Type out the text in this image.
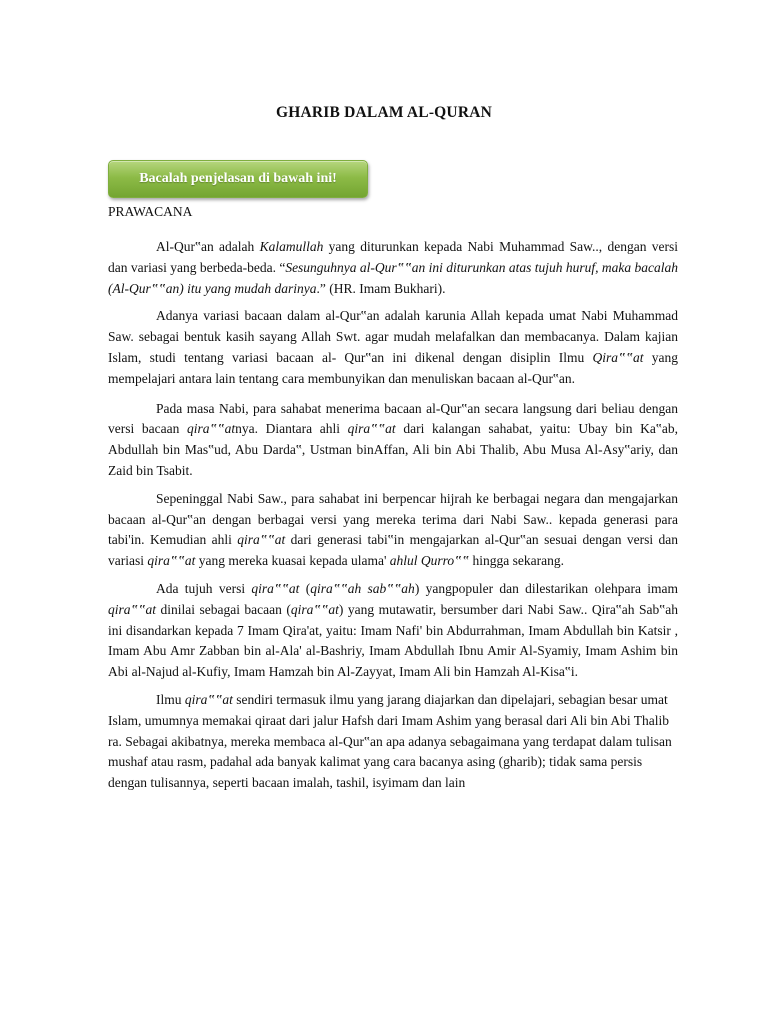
GHARIB DALAM AL-QURAN
Bacalah penjelasan di bawah ini!
PRAWACANA

Al-Qur‟an adalah Kalamullah yang diturunkan kepada Nabi Muhammad Saw.., dengan versi dan variasi yang berbeda-beda. “Sesunguhnya al-Qur‟‟an ini diturunkan atas tujuh huruf, maka bacalah (Al-Qur‟‟an) itu yang mudah darinya.” (HR. Imam Bukhari).

Adanya variasi bacaan dalam al-Qur‟an adalah karunia Allah kepada umat Nabi Muhammad Saw. sebagai bentuk kasih sayang Allah Swt. agar mudah melafalkan dan membacanya. Dalam kajian Islam, studi tentang variasi bacaan al- Qur‟an ini dikenal dengan disiplin Ilmu Qira‟‟at yang mempelajari antara lain tentang cara membunyikan dan menuliskan bacaan al-Qur‟an.

Pada masa Nabi, para sahabat menerima bacaan al-Qur‟an secara langsung dari beliau dengan versi bacaan qira‟‟atnya. Diantara ahli qira‟‟at dari kalangan sahabat, yaitu: Ubay bin Ka‟ab, Abdullah bin Mas‟ud, Abu Darda‟, Ustman binAffan, Ali bin Abi Thalib, Abu Musa Al-Asy‟ariy, dan Zaid bin Tsabit.

Sepeninggal Nabi Saw., para sahabat ini berpencar hijrah ke berbagai negara dan mengajarkan bacaan al-Qur‟an dengan berbagai versi yang mereka terima dari Nabi Saw.. kepada generasi para tabi'in. Kemudian ahli qira‟‟at dari generasi tabi‟in mengajarkan al-Qur‟an sesuai dengan versi dan variasi qira‟‟at yang mereka kuasai kepada ulama' ahlul Qurro‟‟ hingga sekarang.

Ada tujuh versi qira‟‟at (qira‟‟ah sab‟‟ah) yangpopuler dan dilestarikan olehpara imam qira‟‟at dinilai sebagai bacaan (qira‟‟at) yang mutawatir, bersumber dari Nabi Saw.. Qira‟ah Sab‟ah ini disandarkan kepada 7 Imam Qira'at, yaitu: Imam Nafi' bin Abdurrahman, Imam Abdullah bin Katsir , Imam Abu Amr Zabban bin al-Ala' al-Bashriy, Imam Abdullah Ibnu Amir Al-Syamiy, Imam Ashim bin Abi al-Najud al-Kufiy, Imam Hamzah bin Al-Zayyat, Imam Ali bin Hamzah Al-Kisa‟i.

Ilmu qira‟‟at sendiri termasuk ilmu yang jarang diajarkan dan dipelajari, sebagian besar umat Islam, umumnya memakai qiraat dari jalur Hafsh dari Imam Ashim yang berasal dari Ali bin Abi Thalib ra. Sebagai akibatnya, mereka membaca al-Qur‟an apa adanya sebagaimana yang terdapat dalam tulisan mushaf atau rasm, padahal ada banyak kalimat yang cara bacanya asing (gharib); tidak sama persis dengan tulisannya, seperti bacaan imalah, tashil, isyimam dan lain
